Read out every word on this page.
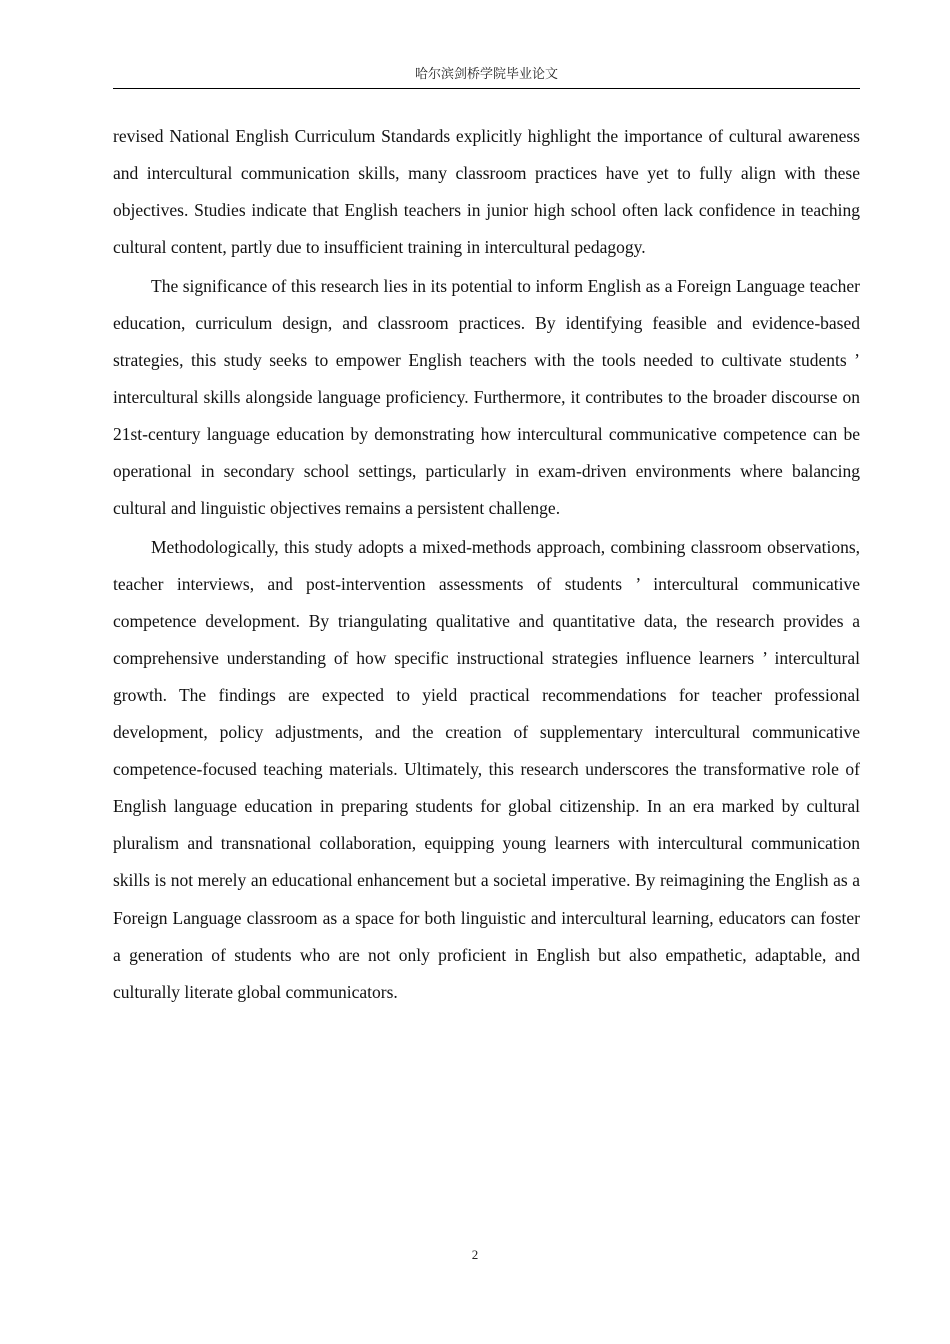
哈尔滨剑桥学院毕业论文

revised National English Curriculum Standards explicitly highlight the importance of cultural awareness and intercultural communication skills, many classroom practices have yet to fully align with these objectives. Studies indicate that English teachers in junior high school often lack confidence in teaching cultural content, partly due to insufficient training in intercultural pedagogy.

The significance of this research lies in its potential to inform English as a Foreign Language teacher education, curriculum design, and classroom practices. By identifying feasible and evidence-based strategies, this study seeks to empower English teachers with the tools needed to cultivate students ’ intercultural skills alongside language proficiency. Furthermore, it contributes to the broader discourse on 21st-century language education by demonstrating how intercultural communicative competence can be operational in secondary school settings, particularly in exam-driven environments where balancing cultural and linguistic objectives remains a persistent challenge.

Methodologically, this study adopts a mixed-methods approach, combining classroom observations, teacher interviews, and post-intervention assessments of students ’ intercultural communicative competence development. By triangulating qualitative and quantitative data, the research provides a comprehensive understanding of how specific instructional strategies influence learners ’ intercultural growth. The findings are expected to yield practical recommendations for teacher professional development, policy adjustments, and the creation of supplementary intercultural communicative competence-focused teaching materials. Ultimately, this research underscores the transformative role of English language education in preparing students for global citizenship. In an era marked by cultural pluralism and transnational collaboration, equipping young learners with intercultural communication skills is not merely an educational enhancement but a societal imperative. By reimagining the English as a Foreign Language classroom as a space for both linguistic and intercultural learning, educators can foster a generation of students who are not only proficient in English but also empathetic, adaptable, and culturally literate global communicators.

2
